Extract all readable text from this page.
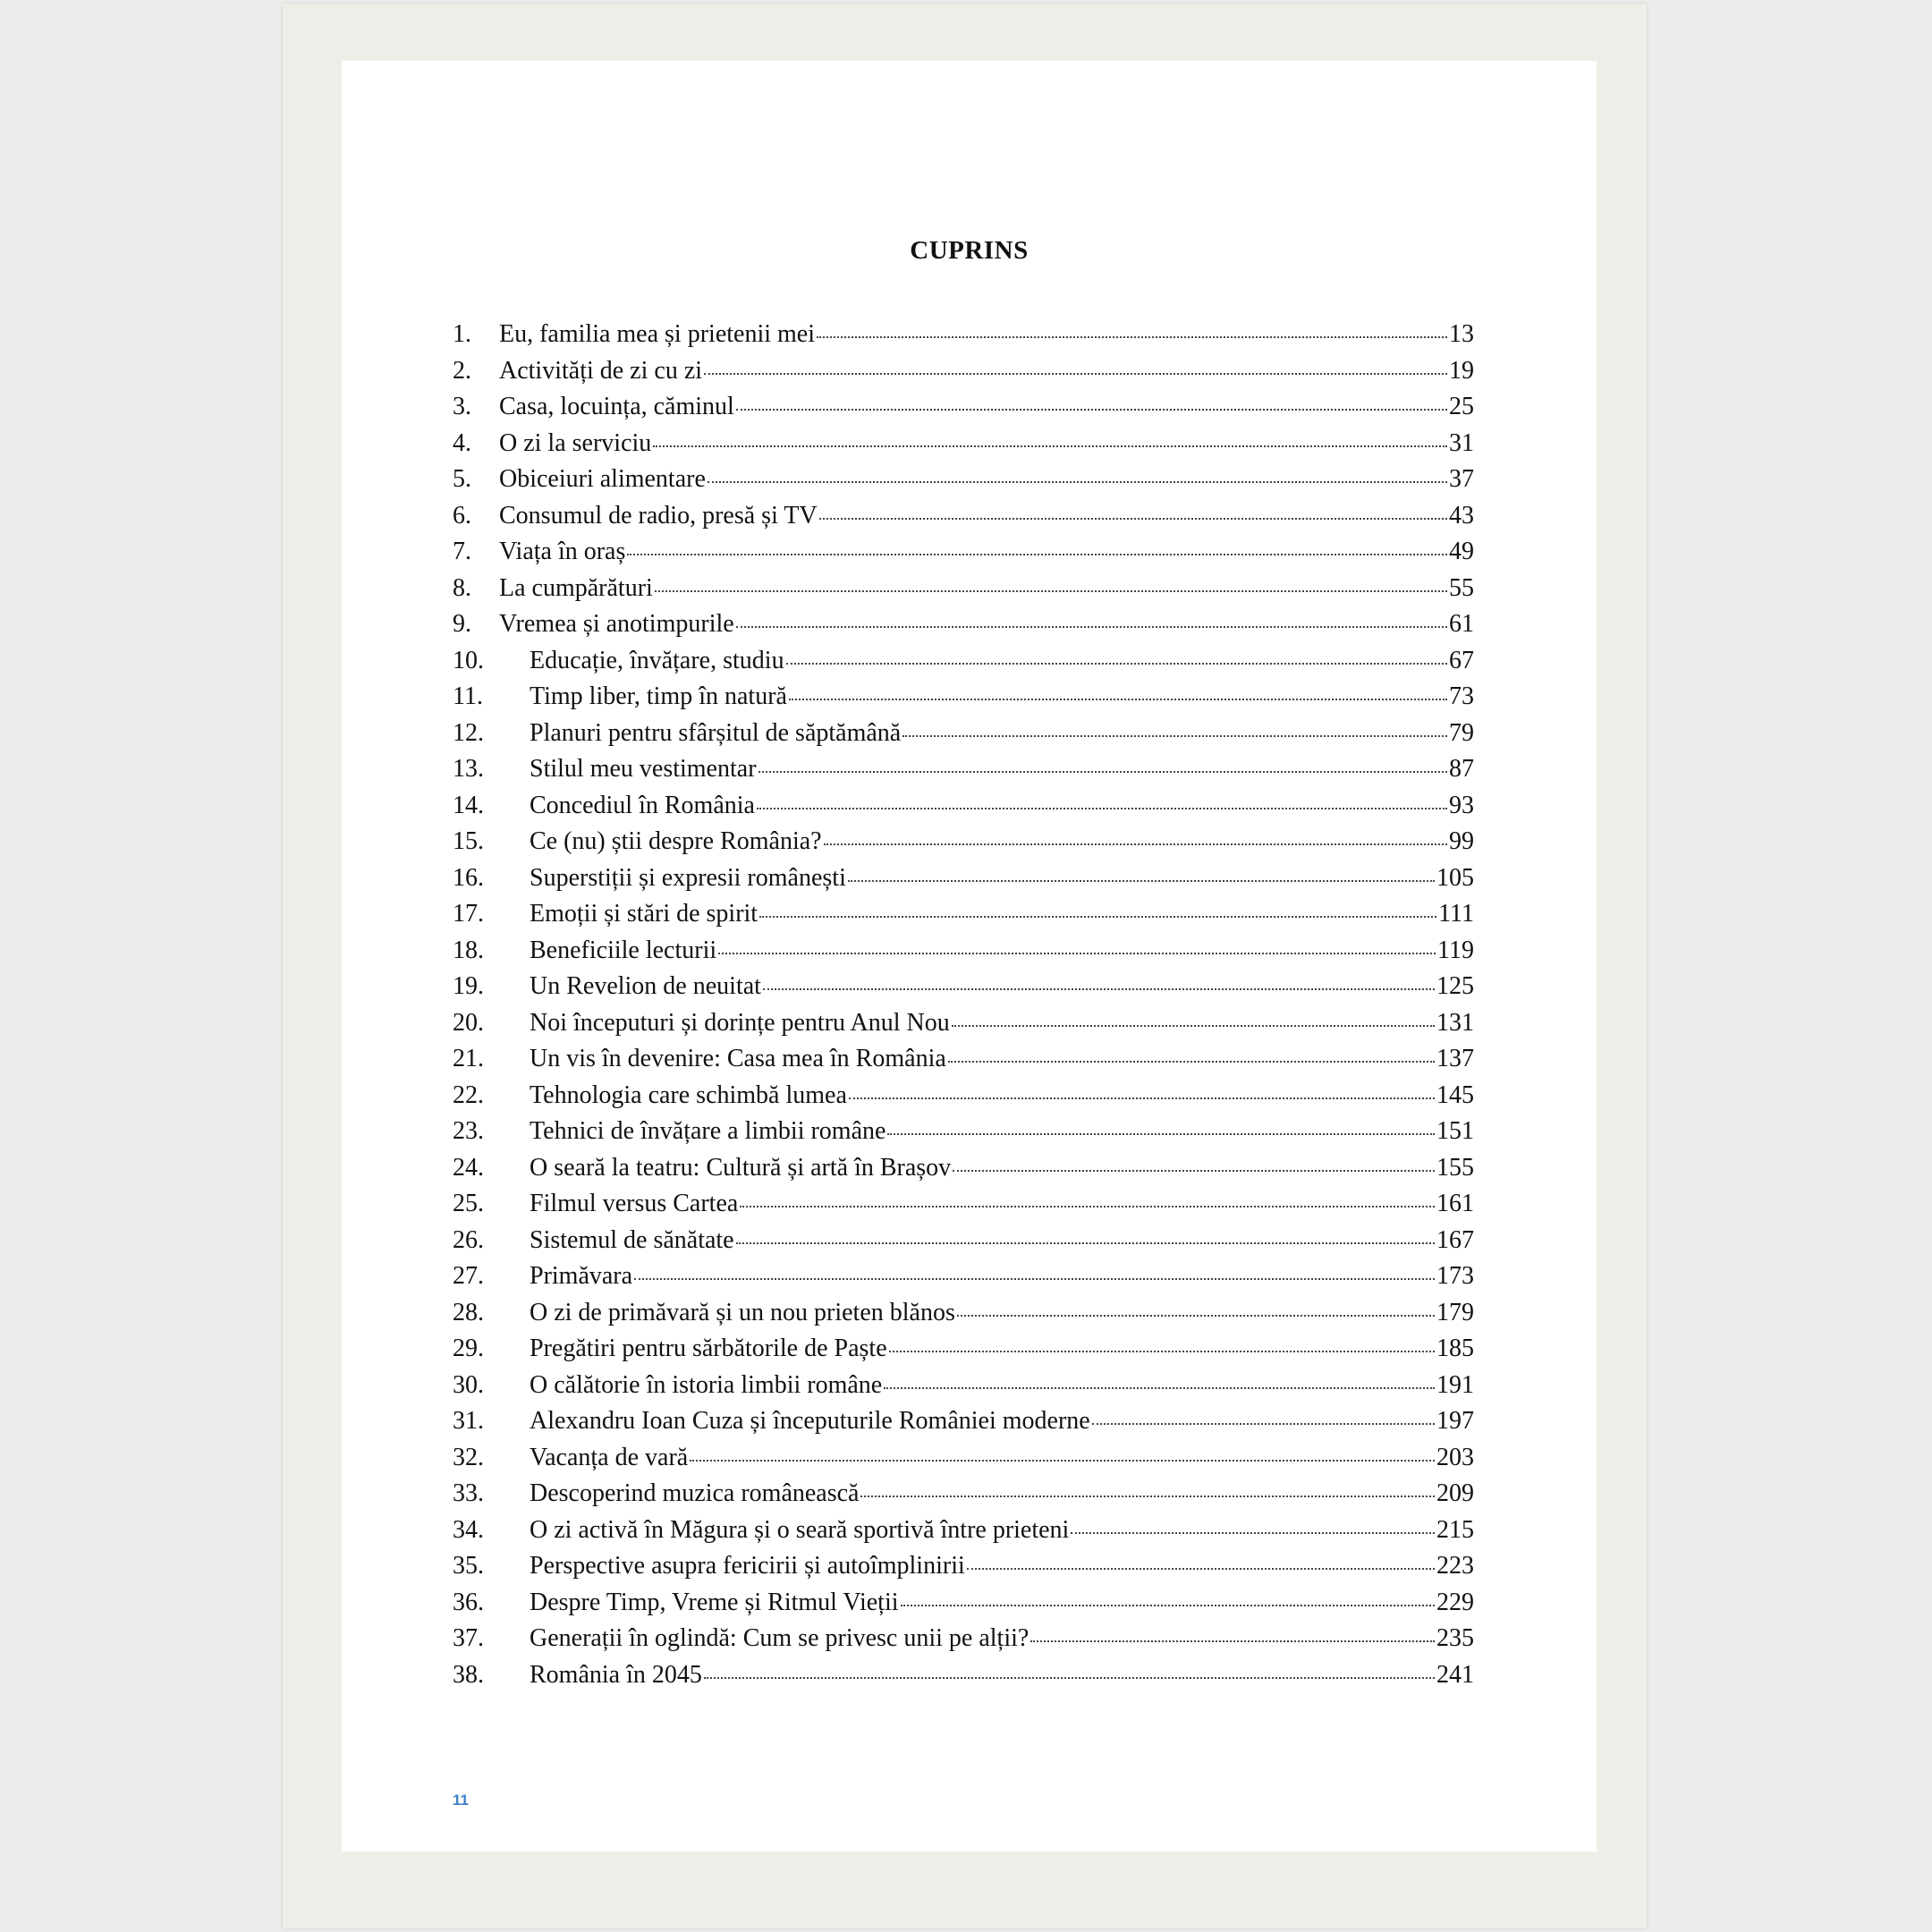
CUPRINS
1.	Eu, familia mea și prietenii mei	13
2.	Activități de zi cu zi	19
3.	Casa, locuința, căminul	25
4.	O zi la serviciu	31
5.	Obiceiuri alimentare	37
6.	Consumul de radio, presă și TV	43
7.	Viața în oraș	49
8.	La cumpărături	55
9.	Vremea și anotimpurile	61
10.	Educație, învățare, studiu	67
11.	Timp liber, timp în natură	73
12.	Planuri pentru sfârșitul de săptămână	79
13.	Stilul meu vestimentar	87
14.	Concediul în România	93
15.	Ce (nu) știi despre România?	99
16.	Superstiții și expresii românești	105
17.	Emoții și stări de spirit	111
18.	Beneficiile lecturii	119
19.	Un Revelion de neuitat	125
20.	Noi începuturi și dorințe pentru Anul Nou	131
21.	Un vis în devenire: Casa mea în România	137
22.	Tehnologia care schimbă lumea	145
23.	Tehnici de învățare a limbii române	151
24.	O seară la teatru: Cultură și artă în Brașov	155
25.	Filmul versus Cartea	161
26.	Sistemul de sănătate	167
27.	Primăvara	173
28.	O zi de primăvară și un nou prieten blănos	179
29.	Pregătiri pentru sărbătorile de Paște	185
30.	O călătorie în istoria limbii române	191
31.	Alexandru Ioan Cuza și începuturile României moderne	197
32.	Vacanța de vară	203
33.	Descoperind muzica românească	209
34.	O zi activă în Măgura și o seară sportivă între prieteni	215
35.	Perspective asupra fericirii și autoîmplinirii	223
36.	Despre Timp, Vreme și Ritmul Vieții	229
37.	Generații în oglindă: Cum se privesc unii pe alții?	235
38.	România în 2045	241
11
